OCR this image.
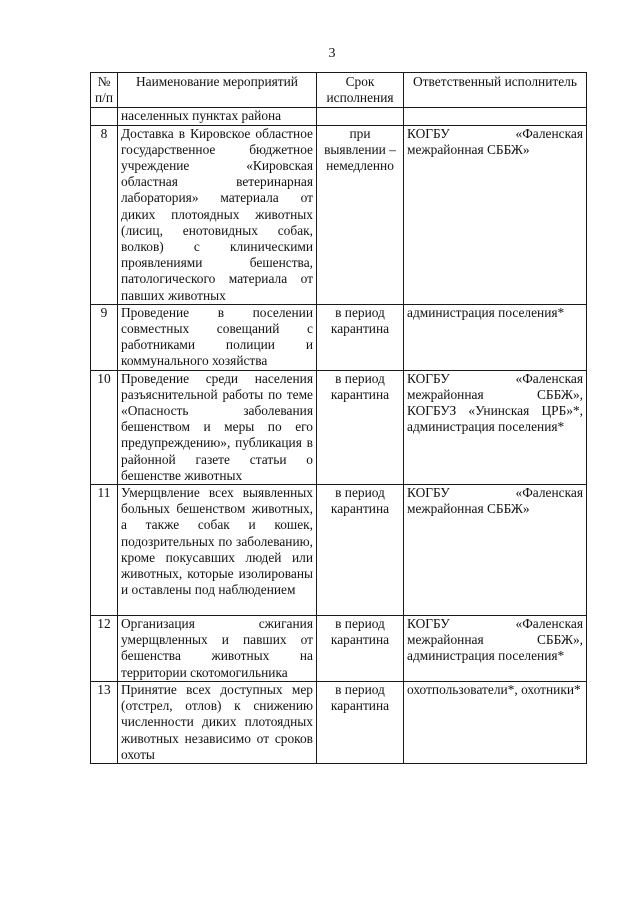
3
№ п/п	Наименование мероприятий	Срок исполнения	Ответственный исполнитель
	населенных пунктах района		
8	Доставка в Кировское областное государственное бюджетное учреждение «Кировская областная ветеринарная лаборатория» материала от диких плотоядных животных (лисиц, енотовидных собак, волков) с клиническими проявлениями бешенства, патологического материала от павших животных	при выявлении – немедленно	КОГБУ «Фаленская межрайонная СББЖ»
9	Проведение в поселении совместных совещаний с работниками полиции и коммунального хозяйства	в период карантина	администрация поселения*
10	Проведение среди населения разъяснительной работы по теме «Опасность заболевания бешенством и меры по его предупреждению», публикация в районной газете статьи о бешенстве животных	в период карантина	КОГБУ «Фаленская межрайонная СББЖ», КОГБУЗ «Унинская ЦРБ»*, администрация поселения*
11	Умерщвление всех выявленных больных бешенством животных, а также собак и кошек, подозрительных по заболеванию, кроме покусавших людей или животных, которые изолированы и оставлены под наблюдением	в период карантина	КОГБУ «Фаленская межрайонная СББЖ»
12	Организация сжигания умерщвленных и павших от бешенства животных на территории скотомогильника	в период карантина	КОГБУ «Фаленская межрайонная СББЖ», администрация поселения*
13	Принятие всех доступных мер (отстрел, отлов) к снижению численности диких плотоядных животных независимо от сроков охоты	в период карантина	охотпользователи*, охотники*
